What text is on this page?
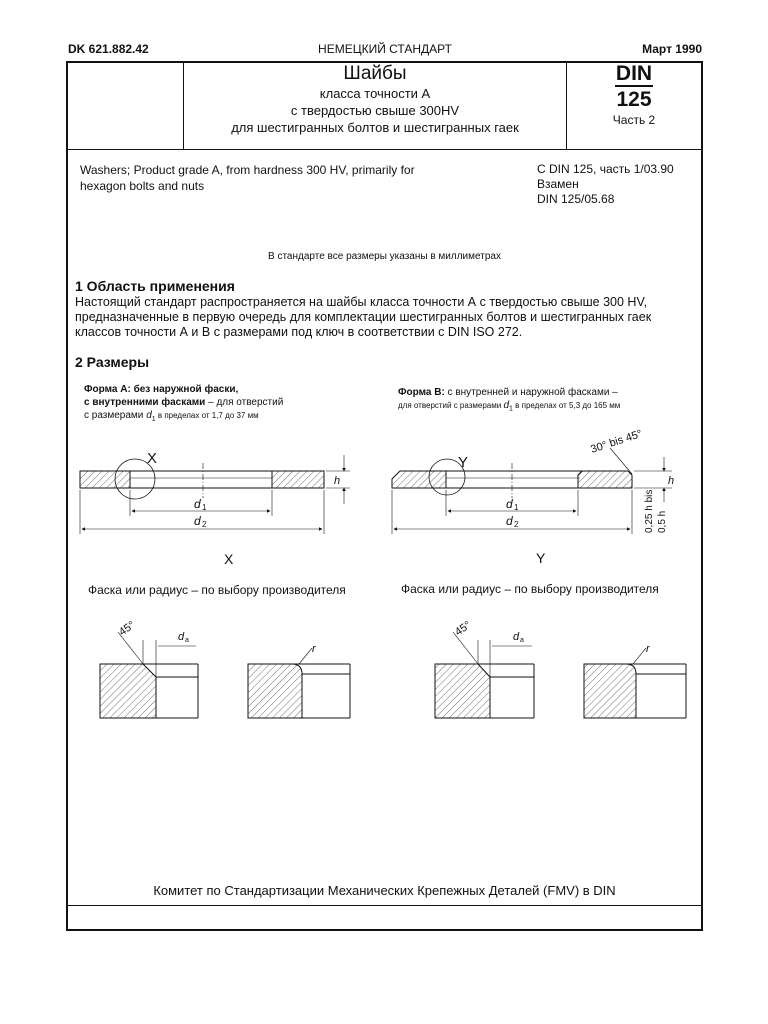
DK 621.882.42	НЕМЕЦКИЙ СТАНДАРТ	Март 1990
Шайбы
класса точности А
с твердостью свыше 300HV
для шестигранных болтов и шестигранных гаек
DIN
125
Часть 2
Washers; Product grade A, from hardness 300 HV, primarily for
hexagon bolts and nuts
С DIN 125, часть 1/03.90
Взамен
DIN 125/05.68
В стандарте все размеры указаны в миллиметрах
1 Область применения
Настоящий стандарт распространяется на шайбы класса точности А с твердостью свыше 300 HV,
предназначенные в первую очередь для комплектации шестигранных болтов и шестигранных гаек
классов точности А и В с размерами под ключ в соответствии с DIN ISO 272.
2 Размеры
Форма А: без наружной фаски,
с внутренними фасками – для отверстий
с размерами $d_1$ в пределах от 1,7 до 37 мм
Форма В: с внутренней и наружной фасками –
для отверстий с размерами $d_1$ в пределах от 5,3 до 165 мм
X
h
d 1
d 2
Y
30° bis 45°
h
0,25 h bis 0,5 h
d 1
d 2
X	Y
Фаска или радиус – по выбору производителя	Фаска или радиус – по выбору производителя
45°	d a
r
45°	d a
r
Комитет по Стандартизации Механических Крепежных Деталей (FMV) в DIN
